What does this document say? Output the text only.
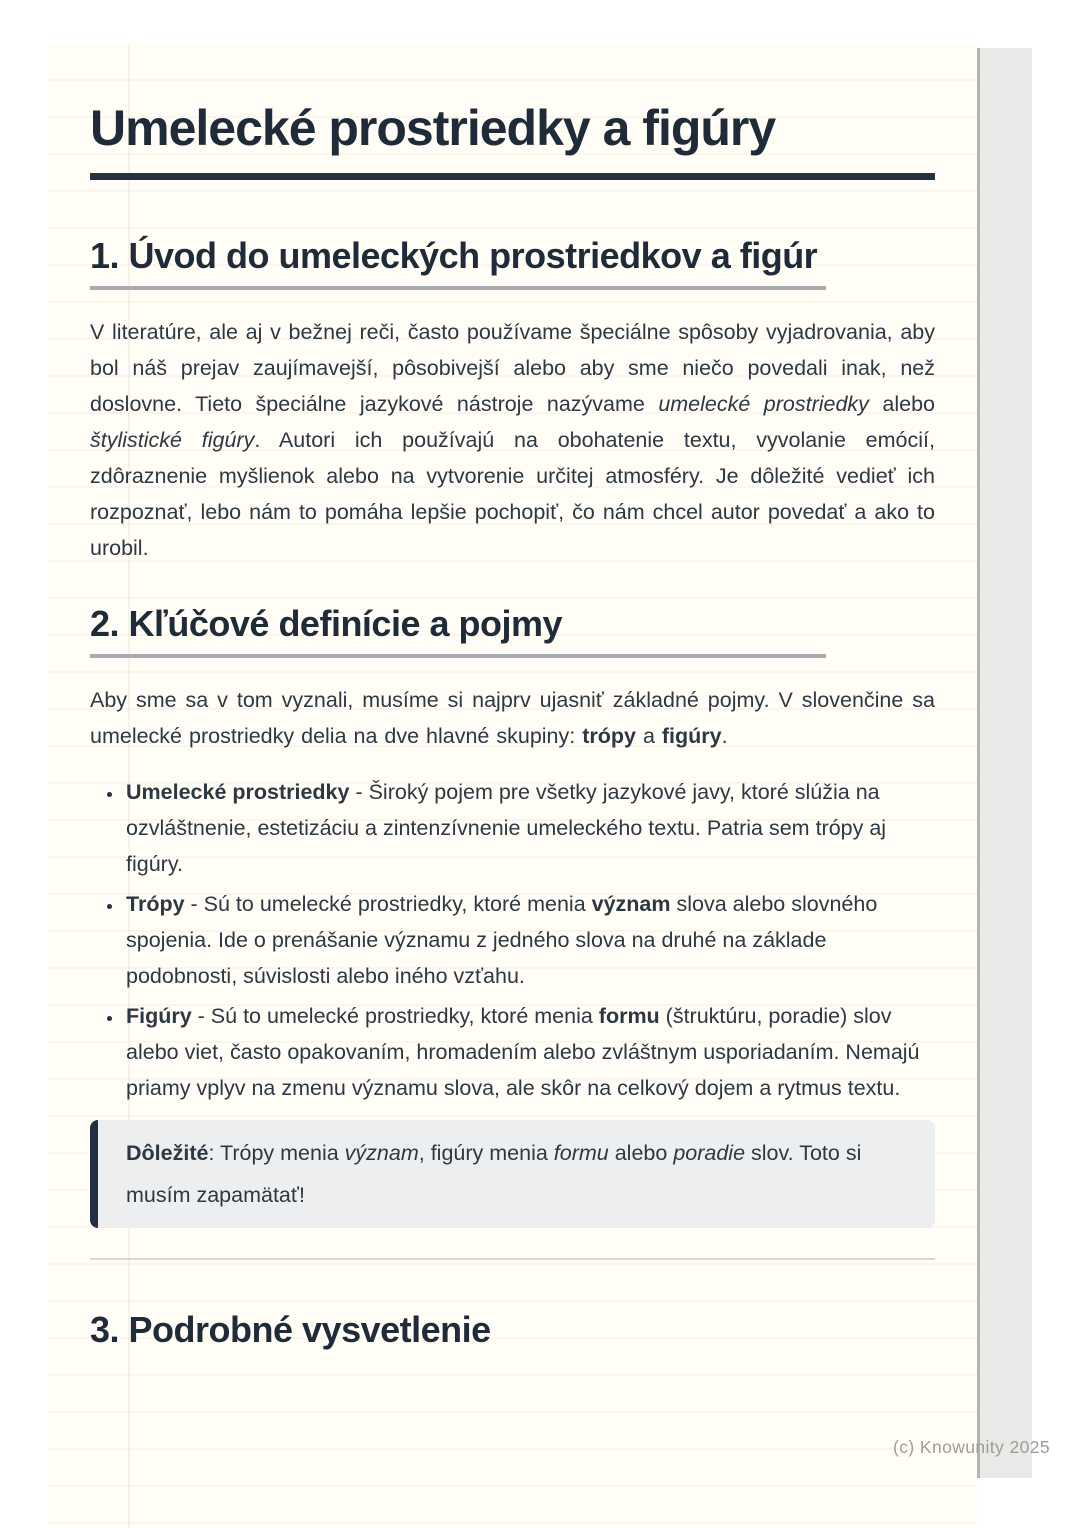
Umelecké prostriedky a figúry
1. Úvod do umeleckých prostriedkov a figúr

V literatúre, ale aj v bežnej reči, často používame špeciálne spôsoby vyjadrovania, aby bol náš prejav zaujímavejší, pôsobivejší alebo aby sme niečo povedali inak, než doslovne. Tieto špeciálne jazykové nástroje nazývame umelecké prostriedky alebo štylistické figúry. Autori ich používajú na obohatenie textu, vyvolanie emócií, zdôraznenie myšlienok alebo na vytvorenie určitej atmosféry. Je dôležité vedieť ich rozpoznať, lebo nám to pomáha lepšie pochopiť, čo nám chcel autor povedať a ako to urobil.

2. Kľúčové definície a pojmy

Aby sme sa v tom vyznali, musíme si najprv ujasniť základné pojmy. V slovenčine sa umelecké prostriedky delia na dve hlavné skupiny: trópy a figúry.

• Umelecké prostriedky - Široký pojem pre všetky jazykové javy, ktoré slúžia na ozvláštnenie, estetizáciu a zintenzívnenie umeleckého textu. Patria sem trópy aj figúry.
• Trópy - Sú to umelecké prostriedky, ktoré menia význam slova alebo slovného spojenia. Ide o prenášanie významu z jedného slova na druhé na základe podobnosti, súvislosti alebo iného vzťahu.
• Figúry - Sú to umelecké prostriedky, ktoré menia formu (štruktúru, poradie) slov alebo viet, často opakovaním, hromadením alebo zvláštnym usporiadaním. Nemajú priamy vplyv na zmenu významu slova, ale skôr na celkový dojem a rytmus textu.

Dôležité: Trópy menia význam, figúry menia formu alebo poradie slov. Toto si musím zapamätať!

3. Podrobné vysvetlenie
(c) Knowunity 2025
